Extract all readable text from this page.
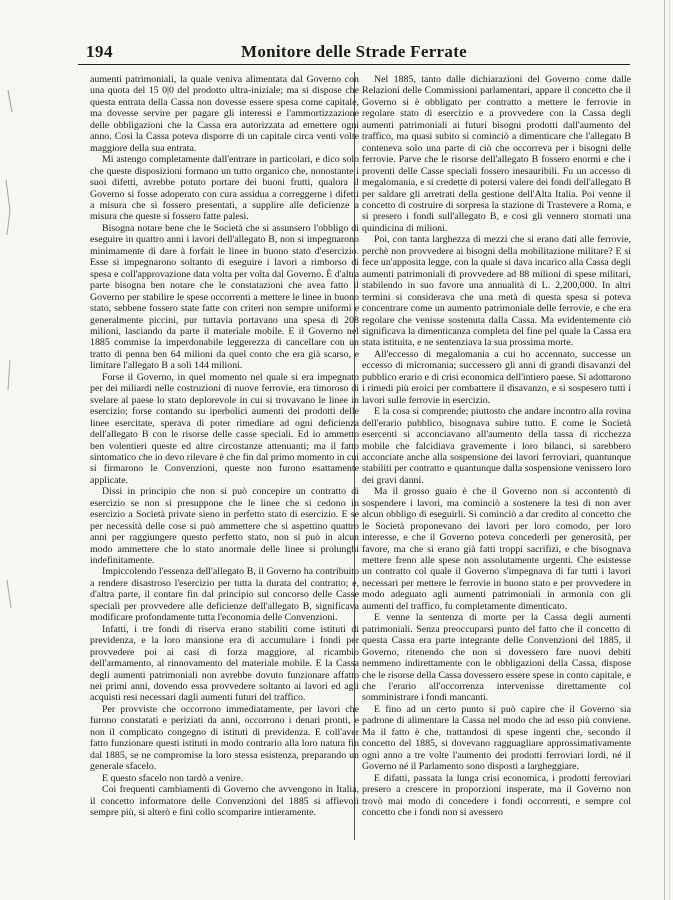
194	Monitore delle Strade Ferrate

aumenti patrimoniali, la quale veniva alimentata dal Governo con una quota del 15 0|0 del prodotto ultra-iniziale; ma si dispose che questa entrata della Cassa non dovesse essere spesa come capitale, ma dovesse servire per pagare gli interessi e l'ammortizzazione delle obbligazioni che la Cassa era autorizzata ad emettere ogni anno. Così la Cassa poteva disporre di un capitale circa venti volte maggiore della sua entrata.

Mi astengo completamente dall'entrare in particolari, e dico solo che queste disposizioni formano un tutto organico che, nonostante i suoi difetti, avrebbe potuto portare dei buoni frutti, qualora il Governo si fosse adoperato con cura assidua a correggerne i difetti a misura che si fossero presentati, a supplire alle deficienze a misura che queste si fossero fatte palesi.

Bisogna notare bene che le Società che si assunsero l'obbligo di eseguire in quattro anni i lavori dell'allegato B, non si impegnarono minimamente di dare à forfait le linee in buono stato d'esercizio. Esse si impegnarono soltanto di eseguire i lavori a rimborso di spesa e coll'approvazione data volta per volta dal Governo. È d'altra parte bisogna ben notare che le constatazioni che avea fatto il Governo per stabilire le spese occorrenti a mettere le linee in buono stato, sebbene fossero state fatte con criteri non sempre uniformi e generalmente piccini, pur tuttavia portavano una spesa di 208 milioni, lasciando da parte il materiale mobile. E il Governo nel 1885 commise la imperdonabile leggerezza di cancellare con un tratto di penna ben 64 milioni da quel conto che era già scarso, e limitare l'allegato B a soli 144 milioni.

Forse il Governo, in quel momento nel quale si era impegnato per dei miliardi nelle costruzioni di nuove ferrovie, era timoroso di svelare al paese lo stato deplorevole in cui si trovavano le linee in esercizio; forse contando su iperbolici aumenti dei prodotti delle linee esercitate, sperava di poter rimediare ad ogni deficienza dell'allegato B con le risorse delle casse speciali. Ed io ammetto ben volentieri queste ed altre circostanze attenuanti; ma il fatto sintomatico che io devo rilevare è che fin dal primo momento in cui si firmarono le Convenzioni, queste non furono esattamente applicate.

Dissi in principio che non si può concepire un contratto di esercizio se non si presuppone che le linee che si cedono in esercizio a Società private sieno in perfetto stato di esercizio. E se per necessità delle cose si può ammettere che si aspettino quattro anni per raggiungere questo perfetto stato, non si può in alcun modo ammettere che lo stato anormale delle linee si prolunghi indefinitamente.

Impiccolendo l'essenza dell'allegato B, il Governo ha contribuito a rendere disastroso l'esercizio per tutta la durata del contratto; e, d'altra parte, il contare fin dal principio sul concorso delle Casse speciali per provvedere alle deficienze dell'allegato B, significava modificare profondamente tutta l'economia delle Convenzioni.

Infatti, i tre fondi di riserva erano stabiliti come istituti di previdenza, e la loro mansione era di accumulare i fondi per provvedere poi ai casi di forza maggiore, al ricambio dell'armamento, al rinnovamento del materiale mobile. E la Cassa degli aumenti patrimoniali non avrebbe dovuto funzionare affatto nei primi anni, dovendo essa provvedere soltanto ai lavori ed agli acquisti resi necessari dagli aumenti futuri del traffico.

Per provviste che occorrono immediatamente, per lavori che furono constatati e periziati da anni, occorrono i denari pronti, e non il complicato congegno di istituti di previdenza. E coll'aver fatto funzionare questi istituti in modo contrario alla loro natura fin dal 1885, se ne compromise la loro stessa esistenza, preparando un generale sfacelo.

E questo sfacelo non tardò a venire.

Coi frequenti cambiamenti di Governo che avvengono in Italia, il concetto informatore delle Convenzioni del 1885 si affievolì sempre più, si alterò e finì collo scomparire intieramente.

Nel 1885, tanto dalle dichiarazioni del Governo come dalle Relazioni delle Commissioni parlamentari, appare il concetto che il Governo si è obbligato per contratto a mettere le ferrovie in regolare stato di esercizio e a provvedere con la Cassa degli aumenti patrimoniali ai futuri bisogni prodotti dall'aumento del traffico, ma quasi subito si cominciò a dimenticare che l'allegato B conteneva solo una parte di ciò che occorreva per i bisogni delle ferrovie. Parve che le risorse dell'allegato B fossero enormi e che i proventi delle Casse speciali fossero inesauribili. Fu un accesso di megalomania, e si credette di potersi valere dei fondi dell'allegato B per saldare gli arretrati della gestione dell'Alta Italia. Poi venne il concetto di costruire di sorpresa la stazione di Trastevere a Roma, e si presero i fondi sull'allegato B, e così gli vennero stornati una quindicina di milioni.

Poi, con tanta larghezza di mezzi che si erano dati alle ferrovie, perchè non provvedere ai bisogni della mobilitazione militare? E si fece un'apposita legge, con la quale si dava incarico alla Cassa degli aumenti patrimoniali di provvedere ad 88 milioni di spese militari, stabilendo in suo favore una annualità di L. 2,200,000. In altri termini si considerava che una metà di questa spesa si poteva concentrare come un aumento patrimoniale delle ferrovie, e che era regolare che venisse sostenuta dalla Cassa. Ma evidentemente ciò significava la dimenticanza completa del fine pel quale la Cassa era stata istituita, e ne sentenziava la sua prossima morte.

All'eccesso di megalomania a cui ho accennato, successe un eccesso di micromania; successero gli anni di grandi disavanzi del pubblico erario e di crisi economica dell'intiero paese. Si adottarono i rimedi più eroici per combattere il disavanzo, e si sospesero tutti i lavori sulle ferrovie in esercizio.

E la cosa si comprende; piuttosto che andare incontro alla rovina dell'erario pubblico, bisognava subire tutto. E come le Società esercenti si acconciavano all'aumento della tassa di ricchezza mobile che falcidiava gravemente i loro bilanci, si sarebbero acconciate anche alla sospensione dei lavori ferroviari, quantunque stabiliti per contratto e quantunque dalla sospensione venissero loro dei gravi danni.

Ma il grosso guaio è che il Governo non si accontentò di sospendere i lavori, ma cominciò a sostenere la tesi di non aver alcun obbligo di eseguirli. Si cominciò a dar credito al concetto che le Società proponevano dei lavori per loro comodo, per loro interesse, e che il Governo poteva concederli per generosità, per favore, ma che si erano già fatti troppi sacrifizi, e che bisognava mettere freno alle spese non assolutamente urgenti. Che esistesse un contratto col quale il Governo s'impegnava di far tutti i lavori necessari per mettere le ferrovie in buono stato e per provvedere in modo adeguato agli aumenti patrimoniali in armonia con gli aumenti del traffico, fu completamente dimenticato.

E venne la sentenza di morte per la Cassa degli aumenti patrimoniali. Senza preoccuparsi punto del fatto che il concetto di questa Cassa era parte integrante delle Convenzioni del 1885, il Governo, ritenendo che non si dovessero fare nuovi debiti nemmeno indirettamente con le obbligazioni della Cassa, dispose che le risorse della Cassa dovessero essere spese in conto capitale, e che l'erario all'occorrenza intervenisse direttamente col somministrare i fondi mancanti.

E fino ad un certo punto si può capire che il Governo sia padrone di alimentare la Cassa nel modo che ad esso più conviene. Ma il fatto è che, trattandosi di spese ingenti che, secondo il concetto del 1885, si dovevano ragguagliare approssimativamente ogni anno a tre volte l'aumento dei prodotti ferroviari lordi, né il Governo né il Parlamento sono disposti a largheggiare.

E difatti, passata la lunga crisi economica, i prodotti ferroviari presero a crescere in proporzioni insperate, ma il Governo non trovò mai modo di concedere i fondi occorrenti, e sempre col concetto che i fondi non si avessero
